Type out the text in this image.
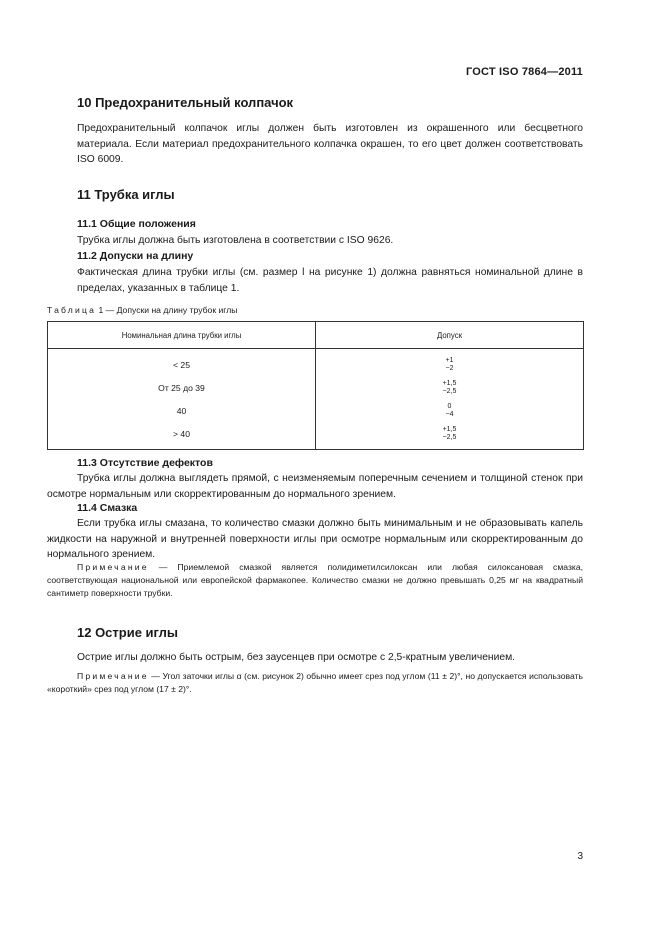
ГОСТ ISO 7864—2011
10 Предохранительный колпачок

Предохранительный колпачок иглы должен быть изготовлен из окрашенного или бесцветного материала. Если материал предохранительного колпачка окрашен, то его цвет должен соответствовать ISO 6009.

11 Трубка иглы
11.1 Общие положения
Трубка иглы должна быть изготовлена в соответствии с ISO 9626.
11.2 Допуски на длину
Фактическая длина трубки иглы (см. размер l на рисунке 1) должна равняться номинальной длине в пределах, указанных в таблице 1.
Таблица 1 — Допуски на длину трубок иглы
Номинальная длина трубки иглы	Допуск
< 25	+1
−2
От 25 до 39	+1,5
−2,5
40	0
−4
> 40	+1,5
−2,5
11.3 Отсутствие дефектов
Трубка иглы должна выглядеть прямой, с неизменяемым поперечным сечением и толщиной стенок при осмотре нормальным или скорректированным до нормального зрением.
11.4 Смазка
Если трубка иглы смазана, то количество смазки должно быть минимальным и не образовывать капель жидкости на наружной и внутренней поверхности иглы при осмотре нормальным или скорректированным до нормального зрением.
Примечание — Приемлемой смазкой является полидиметилсилоксан или любая силоксановая смазка, соответствующая национальной или европейской фармакопее. Количество смазки не должно превышать 0,25 мг на квадратный сантиметр поверхности трубки.
12 Острие иглы
Острие иглы должно быть острым, без заусенцев при осмотре с 2,5-кратным увеличением.
Примечание — Угол заточки иглы α (см. рисунок 2) обычно имеет срез под углом (11 ± 2)°, но допускается использовать «короткий» срез под углом (17 ± 2)°.
3
